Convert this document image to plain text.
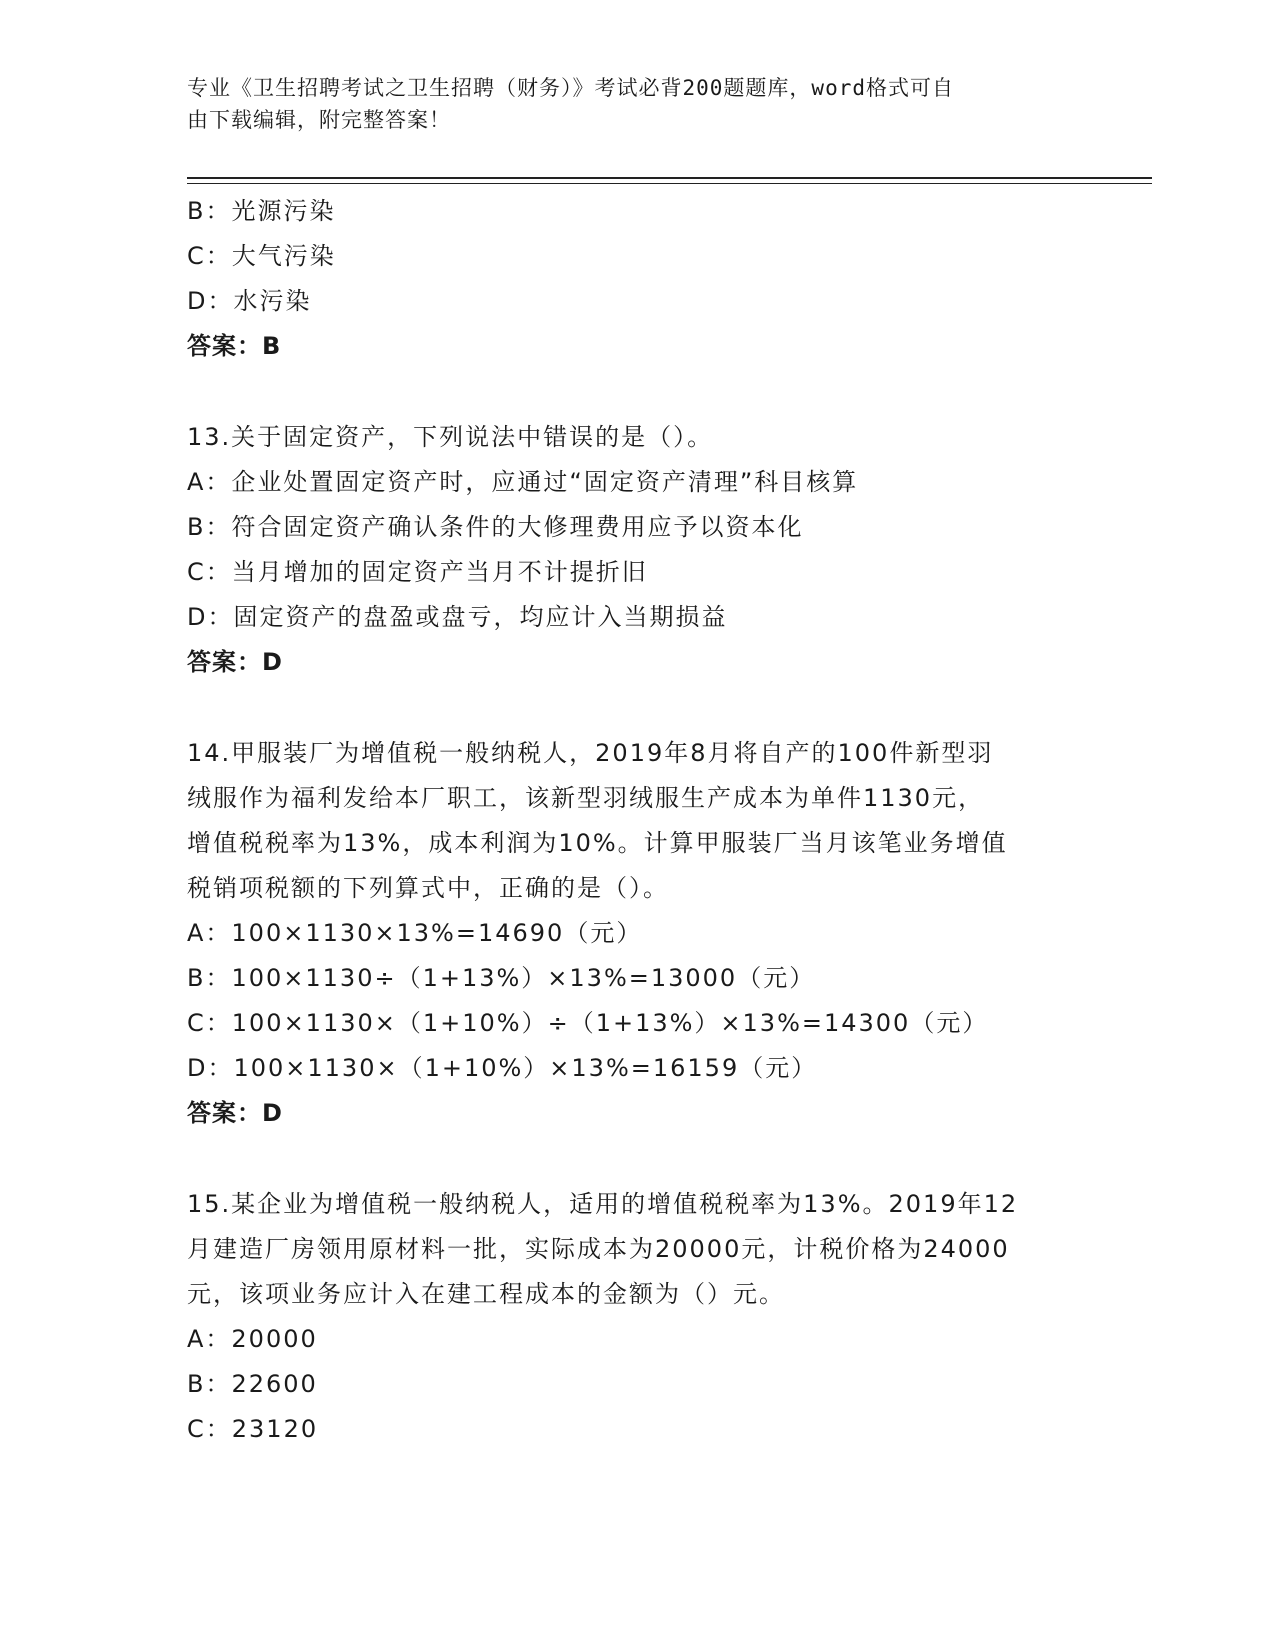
专业《卫生招聘考试之卫生招聘（财务）》考试必背200题题库，word格式可自
由下载编辑，附完整答案！
B：光源污染
C：大气污染
D：水污染
答案：B
13.关于固定资产，下列说法中错误的是（）。
A：企业处置固定资产时，应通过“固定资产清理”科目核算
B：符合固定资产确认条件的大修理费用应予以资本化
C：当月增加的固定资产当月不计提折旧
D：固定资产的盘盈或盘亏，均应计入当期损益
答案：D
14.甲服装厂为增值税一般纳税人，2019年8月将自产的100件新型羽
绒服作为福利发给本厂职工，该新型羽绒服生产成本为单件1130元，
增值税税率为13%，成本利润为10%。计算甲服装厂当月该笔业务增值
税销项税额的下列算式中，正确的是（）。
A：100×1130×13%=14690（元）
B：100×1130÷（1+13%）×13%=13000（元）
C：100×1130×（1+10%）÷（1+13%）×13%=14300（元）
D：100×1130×（1+10%）×13%=16159（元）
答案：D
15.某企业为增值税一般纳税人，适用的增值税税率为13%。2019年12
月建造厂房领用原材料一批，实际成本为20000元，计税价格为24000
元，该项业务应计入在建工程成本的金额为（）元。
A：20000
B：22600
C：23120
